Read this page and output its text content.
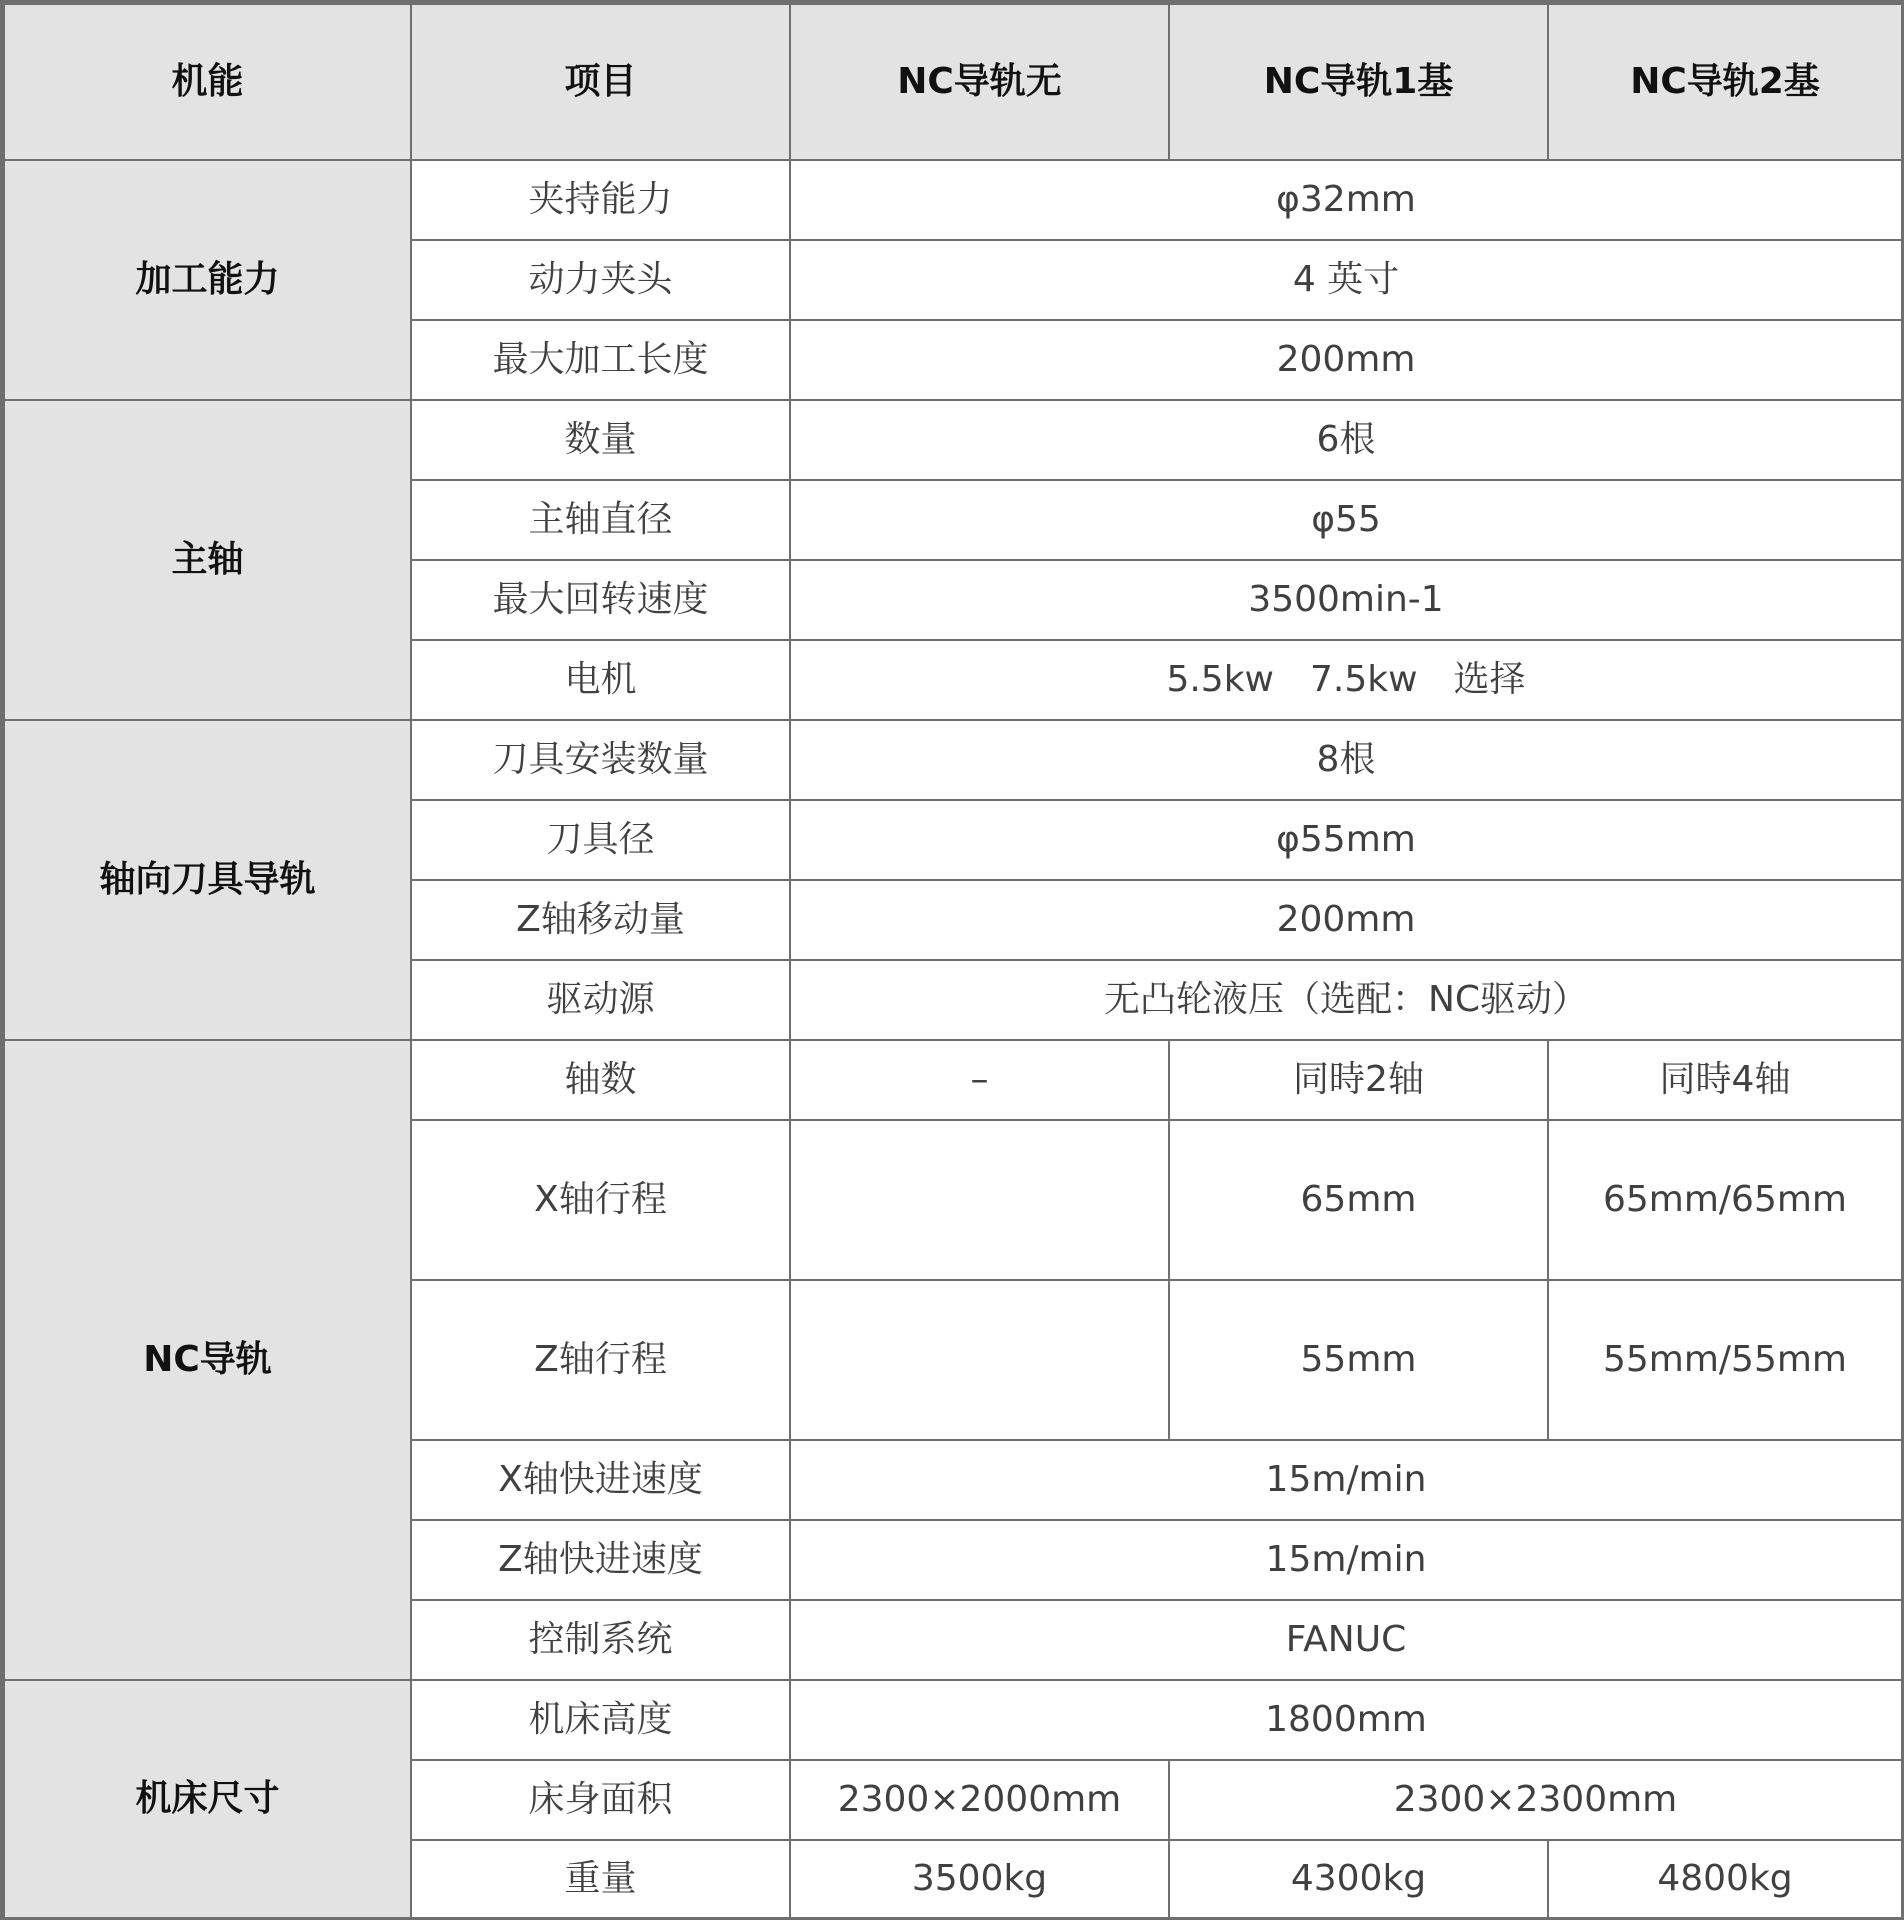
机能	项目	NC导轨无	NC导轨1基	NC导轨2基
加工能力	夹持能力	φ32mm		
	动力夹头	4 英寸		
	最大加工长度	200mm		
主轴	数量	6根		
	主轴直径	φ55		
	最大回转速度	3500min-1		
	电机	5.5kw　7.5kw　选择		
轴向刀具导轨	刀具安装数量	8根		
	刀具径	φ55mm		
	Z轴移动量	200mm		
	驱动源	无凸轮液压（选配：NC驱动）		
NC导轨	轴数	–	同時2轴	同時4轴
	X轴行程		65mm	65mm/65mm
	Z轴行程		55mm	55mm/55mm
	X轴快进速度	15m/min		
	Z轴快进速度	15m/min		
	控制系统	FANUC		
机床尺寸	机床高度	1800mm		
	床身面积	2300×2000mm	2300×2300mm	
	重量	3500kg	4300kg	4800kg
